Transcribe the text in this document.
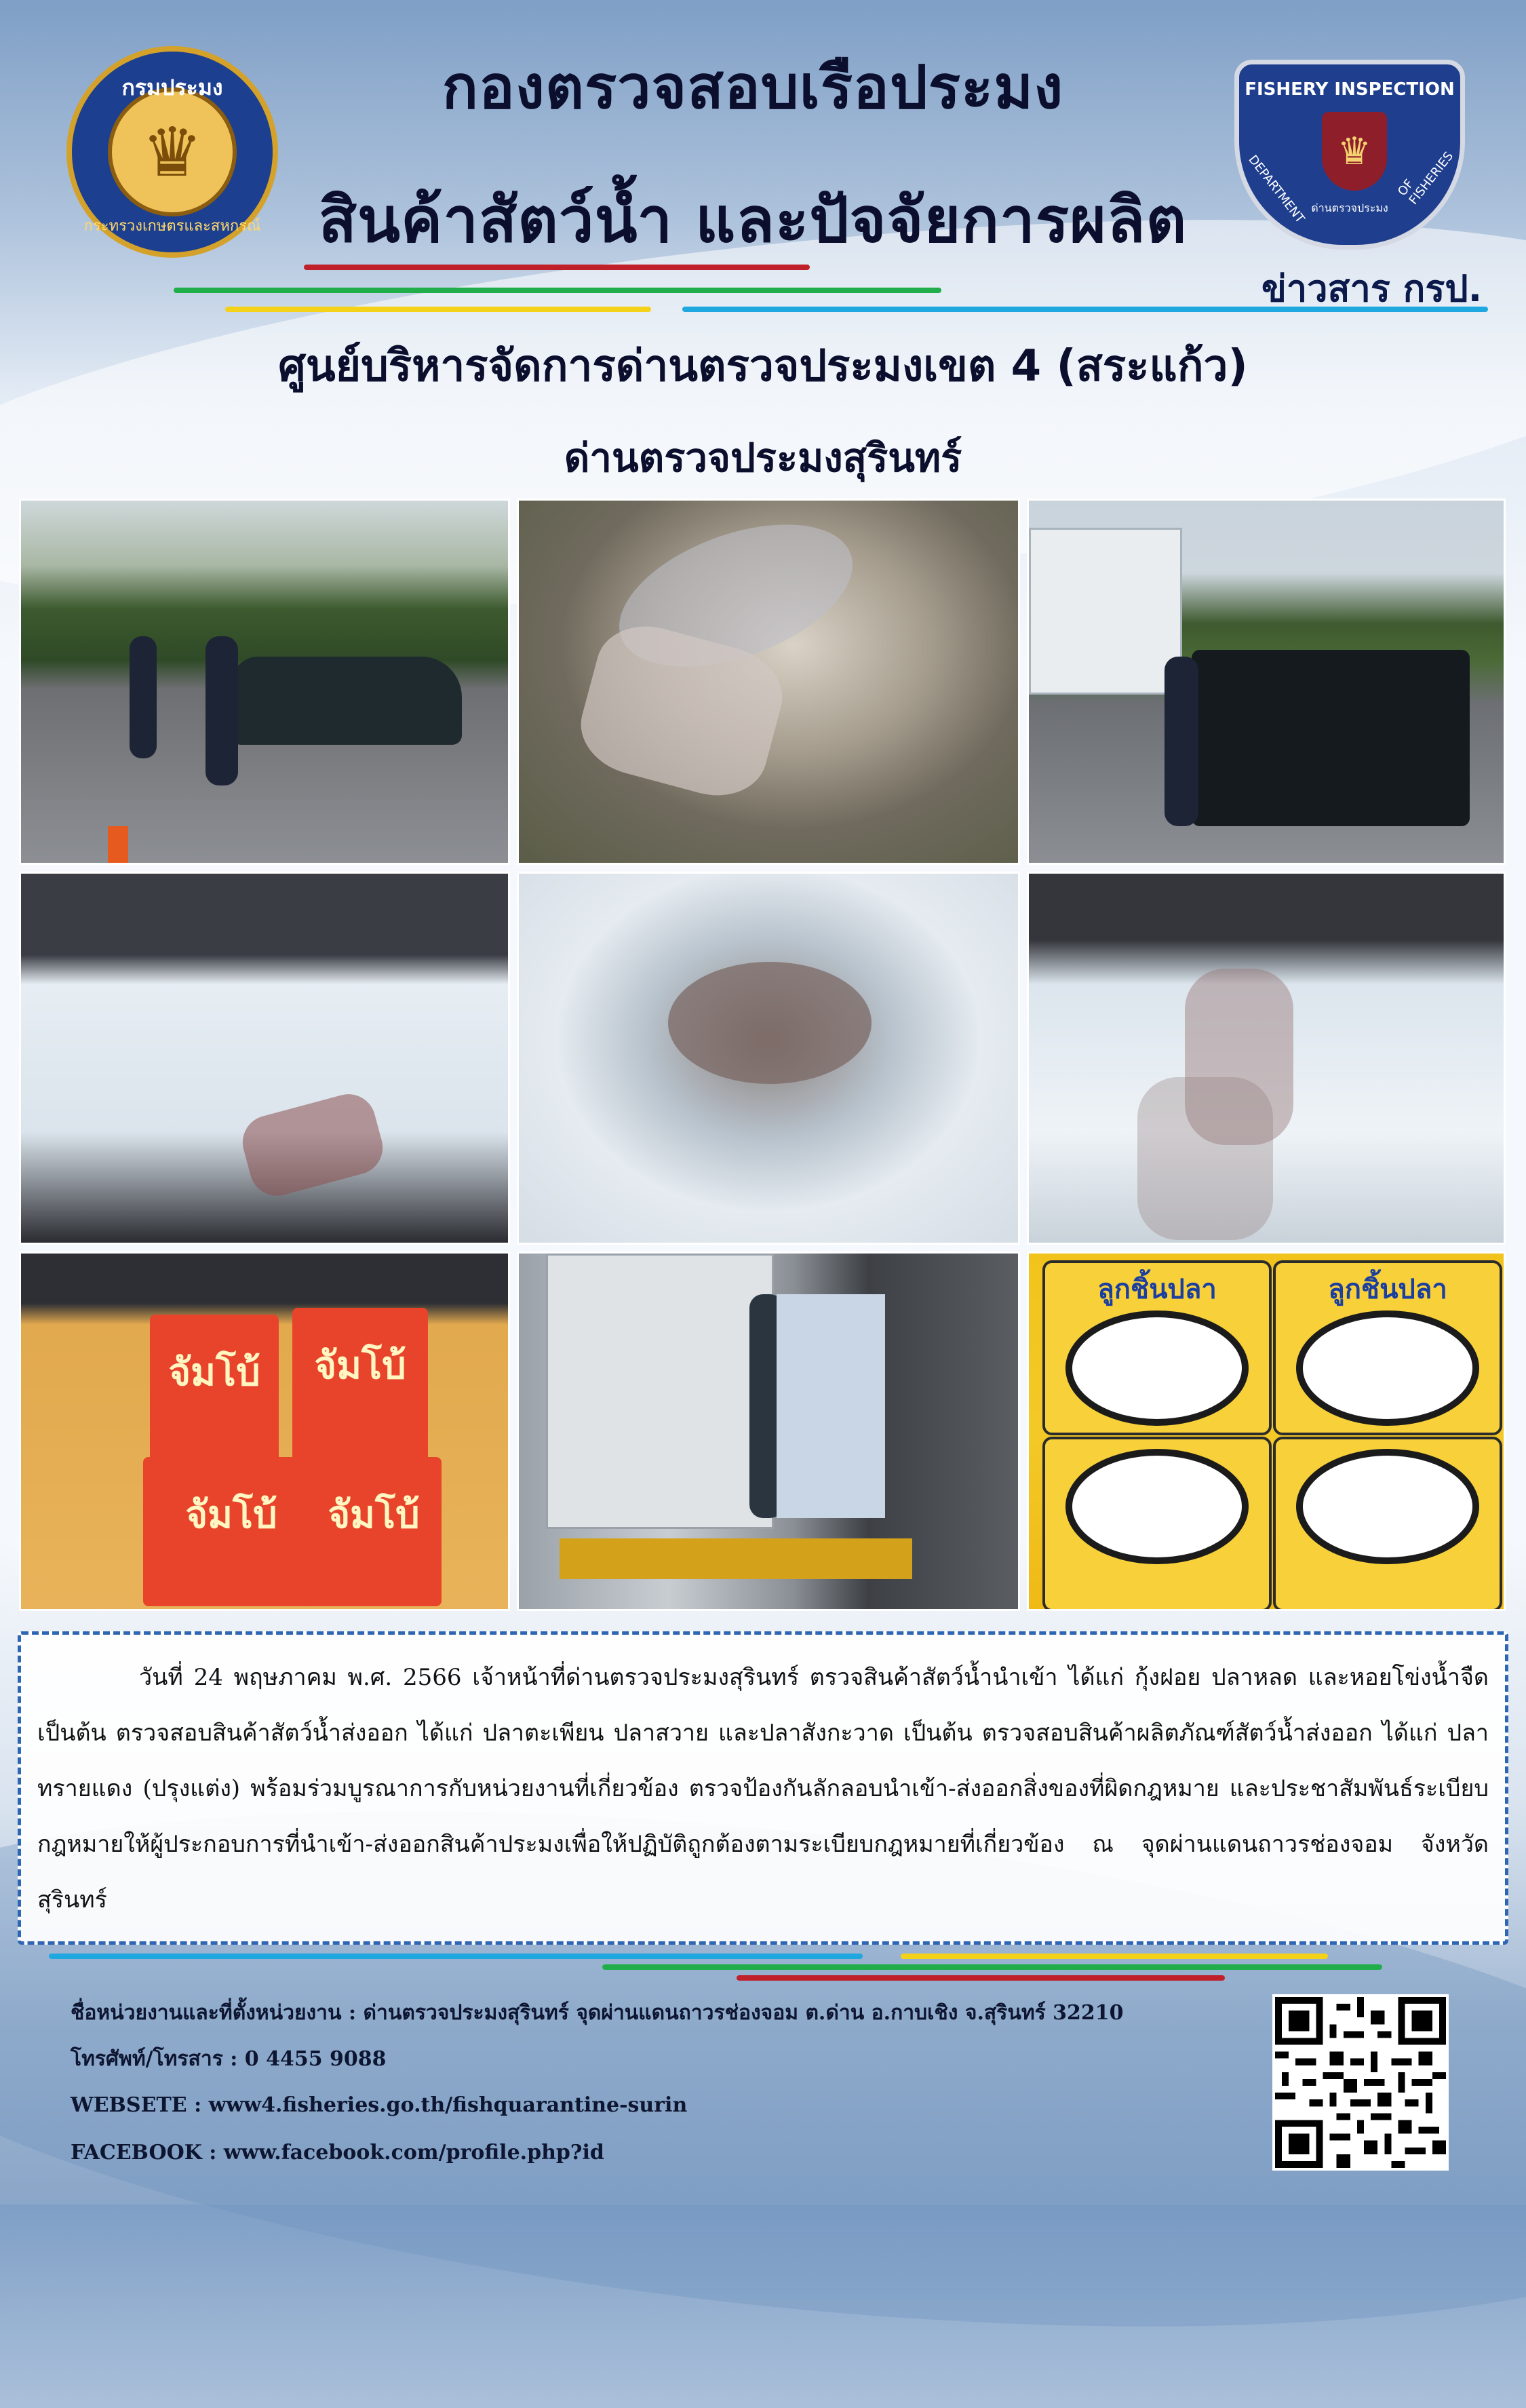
กรมประมง
♛
กระทรวงเกษตรและสหกรณ์
FISHERY INSPECTION
♛
DEPARTMENT	OF FISHERIES
ด่านตรวจประมง
กองตรวจสอบเรือประมง
สินค้าสัตว์น้ำ และปัจจัยการผลิต
ข่าวสาร กรป.
ศูนย์บริหารจัดการด่านตรวจประมงเขต 4 (สระแก้ว)
ด่านตรวจประมงสุรินทร์
จัมโบ้	จัมโบ้
จัมโบ้	จัมโบ้
ลูกชิ้นปลา	ลูกชิ้นปลา

วันที่ 24 พฤษภาคม พ.ศ. 2566 เจ้าหน้าที่ด่านตรวจประมงสุรินทร์ ตรวจสินค้าสัตว์น้ำนำเข้า ได้แก่ กุ้งฝอย ปลาหลด และหอยโข่งน้ำจืด เป็นต้น ตรวจสอบสินค้าสัตว์น้ำส่งออก ได้แก่ ปลาตะเพียน ปลาสวาย และปลาสังกะวาด เป็นต้น ตรวจสอบสินค้าผลิตภัณฑ์สัตว์น้ำส่งออก ได้แก่ ปลาทรายแดง (ปรุงแต่ง) พร้อมร่วมบูรณาการกับหน่วยงานที่เกี่ยวข้อง ตรวจป้องกันลักลอบนำเข้า-ส่งออกสิ่งของที่ผิดกฎหมาย และประชาสัมพันธ์ระเบียบกฎหมายให้ผู้ประกอบการที่นำเข้า-ส่งออกสินค้าประมงเพื่อให้ปฏิบัติถูกต้องตามระเบียบกฎหมายที่เกี่ยวข้อง ณ จุดผ่านแดนถาวรช่องจอม จังหวัดสุรินทร์

ชื่อหน่วยงานและที่ตั้งหน่วยงาน : ด่านตรวจประมงสุรินทร์ จุดผ่านแดนถาวรช่องจอม ต.ด่าน อ.กาบเชิง จ.สุรินทร์ 32210
โทรศัพท์/โทรสาร : 0 4455 9088
WEBSETE : www4.fisheries.go.th/fishquarantine-surin
FACEBOOK : www.facebook.com/profile.php?id
